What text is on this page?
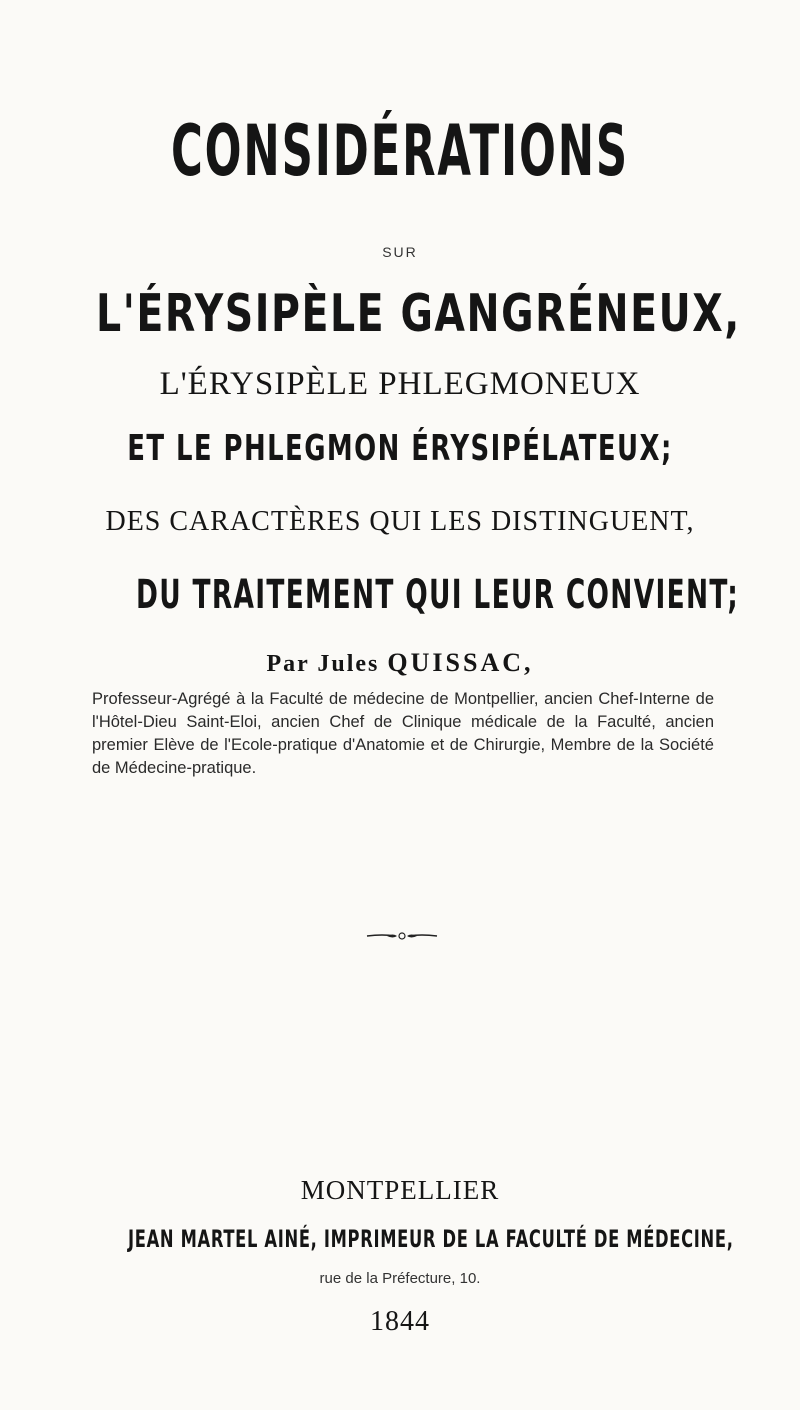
CONSIDÉRATIONS
SUR
L'ÉRYSIPÈLE GANGRÉNEUX,
L'ÉRYSIPÈLE PHLEGMONEUX
ET LE PHLEGMON ÉRYSIPÉLATEUX;
DES CARACTÈRES QUI LES DISTINGUENT,
DU TRAITEMENT QUI LEUR CONVIENT;
Par Jules QUISSAC,

Professeur-Agrégé à la Faculté de médecine de Montpellier, ancien Chef-Interne de l'Hôtel-Dieu Saint-Eloi, ancien Chef de Clinique médicale de la Faculté, ancien premier Elève de l'Ecole-pratique d'Anatomie et de Chirurgie, Membre de la Société de Médecine-pratique.

MONTPELLIER
JEAN MARTEL AINÉ, IMPRIMEUR DE LA FACULTÉ DE MÉDECINE,
rue de la Préfecture, 10.
1844
